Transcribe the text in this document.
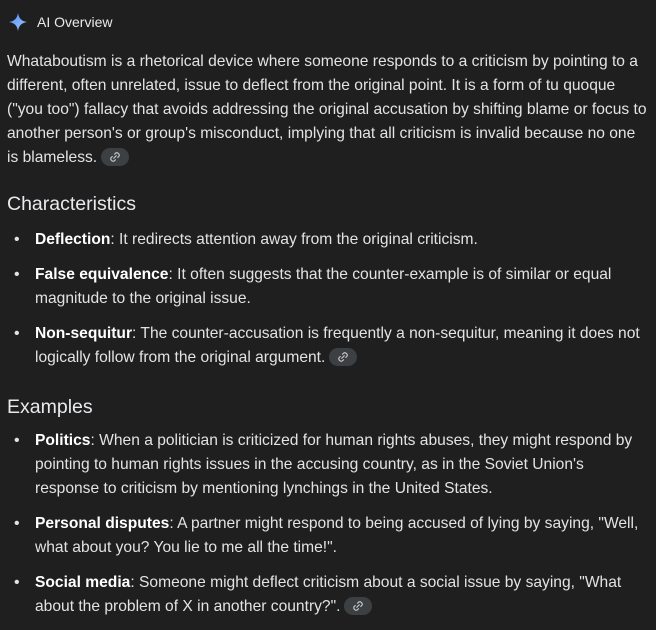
AI Overview

Whataboutism is a rhetorical device where someone responds to a criticism by pointing to a different, often unrelated, issue to deflect from the original point. It is a form of tu quoque ("you too") fallacy that avoids addressing the original accusation by shifting blame or focus to another person's or group's misconduct, implying that all criticism is invalid because no one is blameless.

Characteristics
• Deflection: It redirects attention away from the original criticism.
• False equivalence: It often suggests that the counter-example is of similar or equal magnitude to the original issue.
• Non-sequitur: The counter-accusation is frequently a non-sequitur, meaning it does not logically follow from the original argument.
Examples
• Politics: When a politician is criticized for human rights abuses, they might respond by pointing to human rights issues in the accusing country, as in the Soviet Union's response to criticism by mentioning lynchings in the United States.
• Personal disputes: A partner might respond to being accused of lying by saying, "Well, what about you? You lie to me all the time!".
• Social media: Someone might deflect criticism about a social issue by saying, "What about the problem of X in another country?".
